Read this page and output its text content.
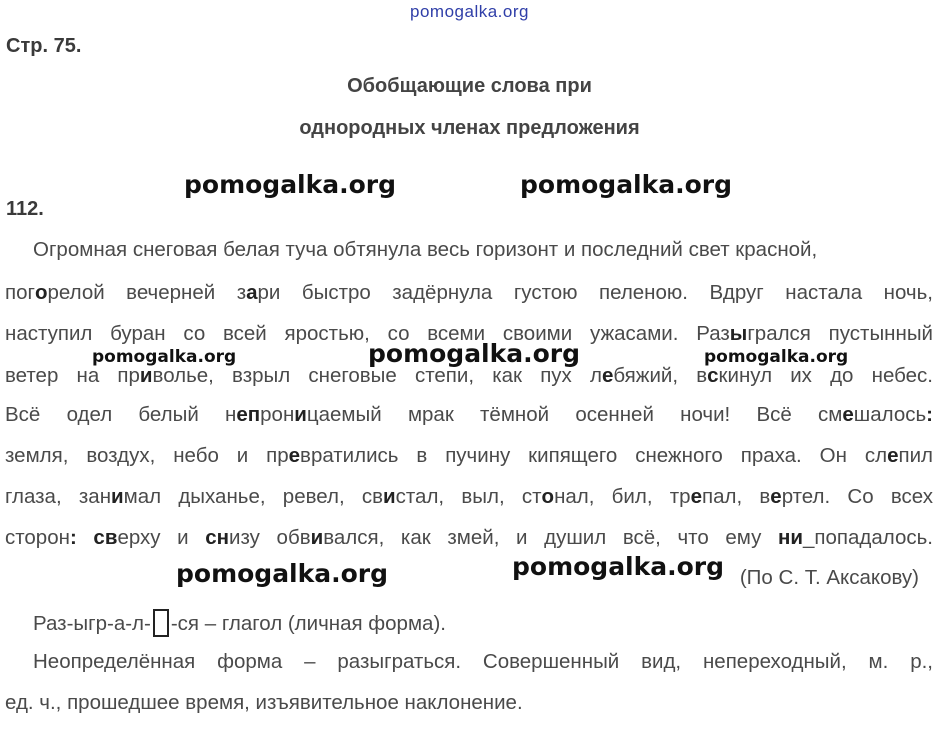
pomogalka.org
Стр. 75.
Обобщающие слова при
однородных членах предложения
112.
pomogalka.org	pomogalka.org
pomogalka.org	pomogalka.org	pomogalka.org
pomogalka.org	pomogalka.org
Огромная снеговая белая туча обтянула весь горизонт и последний свет красной,
погорелой вечерней зари быстро задёрнула густою пеленою. Вдруг настала ночь,
наступил буран со всей яростью, со всеми своими ужасами. Разыгрался пустынный
ветер на приволье, взрыл снеговые степи, как пух лебяжий, вскинул их до небес.
Всё одел белый непроницаемый мрак тёмной осенней ночи! Всё смешалось:
земля, воздух, небо и превратились в пучину кипящего снежного праха. Он слепил
глаза, занимал дыханье, ревел, свистал, выл, стонал, бил, трепал, вертел. Со всех
сторон: сверху и снизу обвивался, как змей, и душил всё, что ему ни_попадалось.
(По С. Т. Аксакову)
Раз-ыгр-а-л- -ся – глагол (личная форма).
Неопределённая форма – разыграться. Совершенный вид, непереходный, м. р.,
ед. ч., прошедшее время, изъявительное наклонение.
